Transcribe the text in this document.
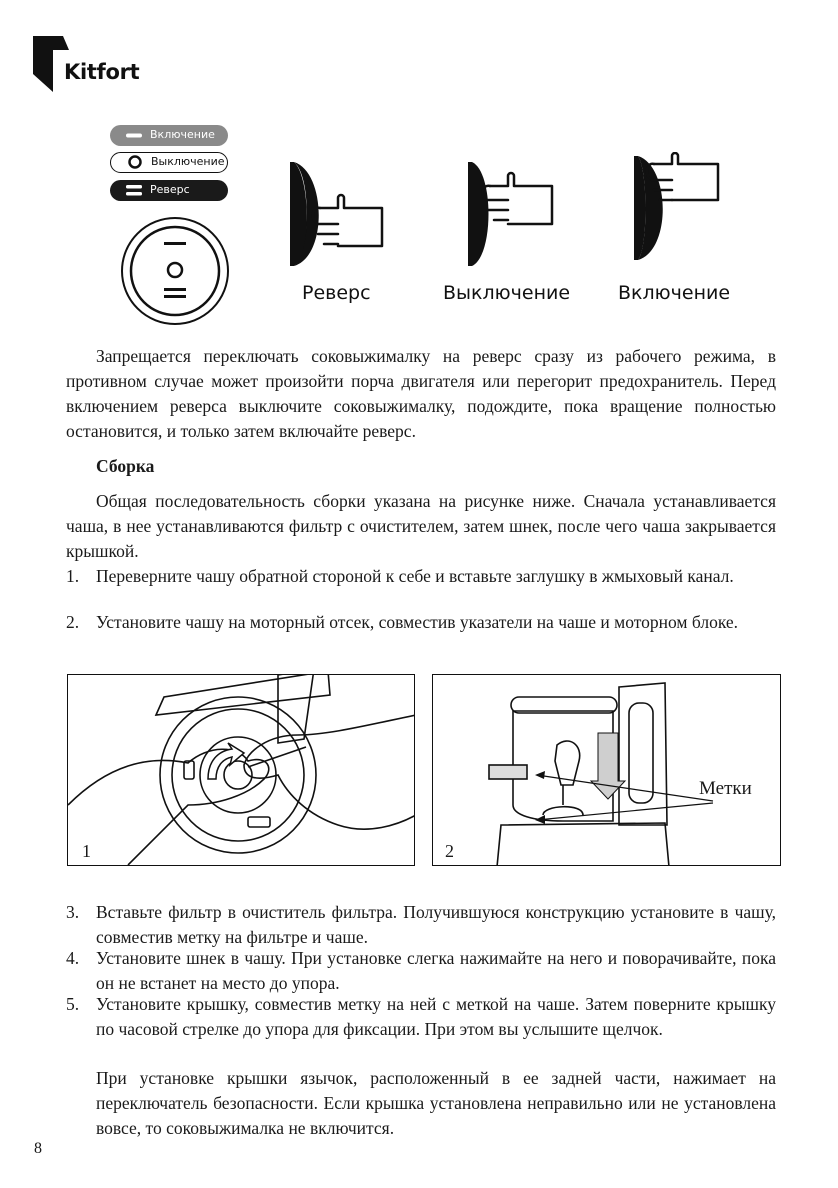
Kitfort
Включение
Выключение
Реверс
Реверс	Выключение	Включение
Запрещается переключать соковыжималку на реверс сразу из рабочего режима, в противном случае может произойти порча двигателя или перегорит предохранитель. Перед включением реверса выключите соковыжималку, подождите, пока вращение полностью остановится, и только затем включайте реверс.
Сборка
Общая последовательность сборки указана на рисунке ниже. Сначала устанавливается чаша, в нее устанавливаются фильтр с очистителем, затем шнек, после чего чаша закрывается крышкой.
1. Переверните чашу обратной стороной к себе и вставьте заглушку в жмыховый канал.
2. Установите чашу на моторный отсек, совместив указатели на чаше и моторном блоке.
1
Метки
2
3. Вставьте фильтр в очиститель фильтра. Получившуюся конструкцию установите в чашу, совместив метку на фильтре и чаше.
4. Установите шнек в чашу. При установке слегка нажимайте на него и поворачивайте, пока он не встанет на место до упора.
5. Установите крышку, совместив метку на ней с меткой на чаше. Затем поверните крышку по часовой стрелке до упора для фиксации. При этом вы услышите щелчок.
При установке крышки язычок, расположенный в ее задней части, нажимает на переключатель безопасности. Если крышка установлена неправильно или не установлена вовсе, то соковыжималка не включится.
8
